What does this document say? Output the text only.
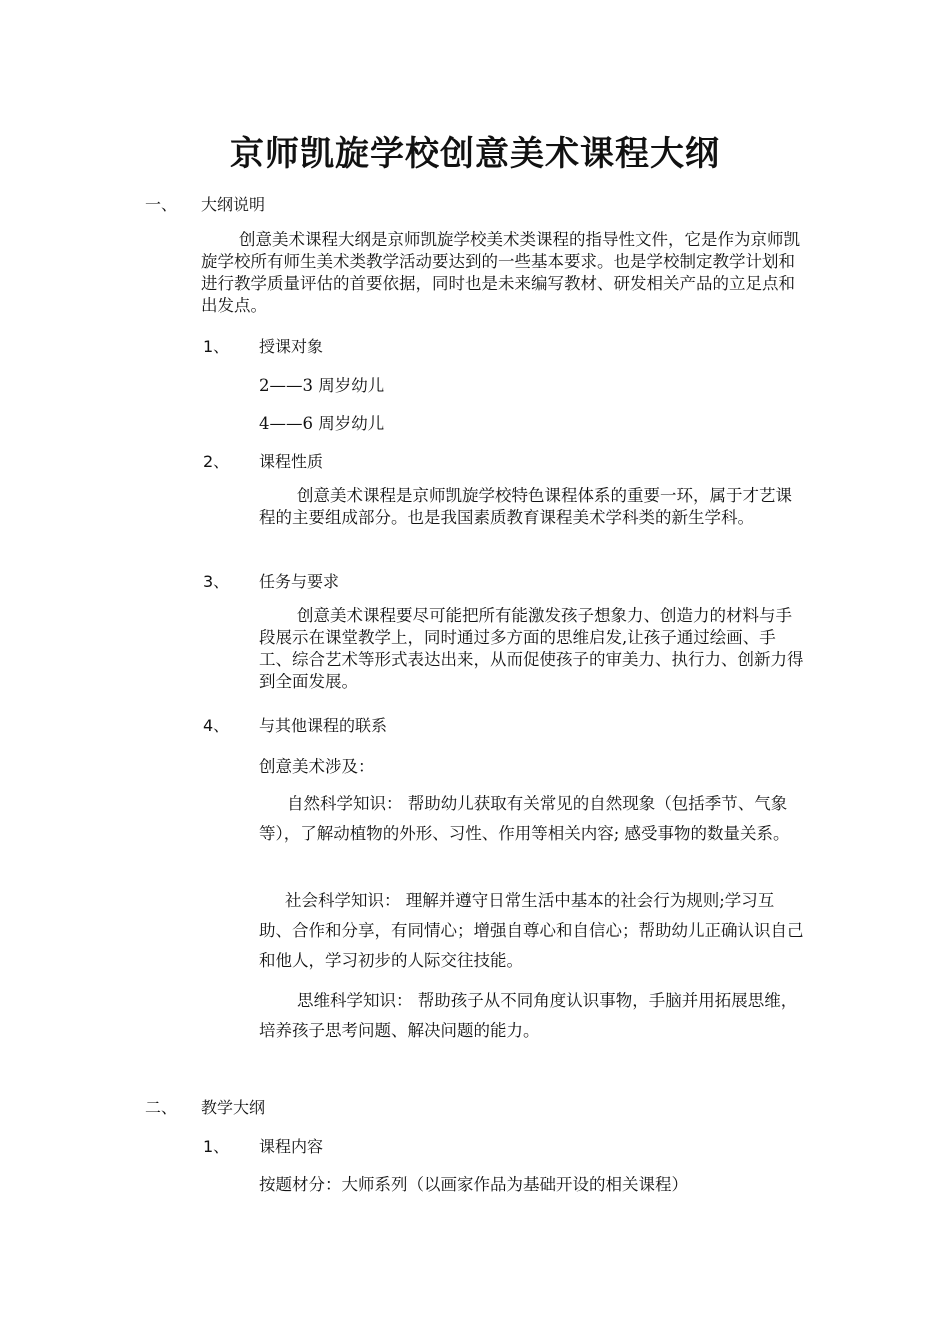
京师凯旋学校创意美术课程大纲
一、 大纲说明
创意美术课程大纲是京师凯旋学校美术类课程的指导性文件，它是作为京师凯旋学校所有师生美术类教学活动要达到的一些基本要求。也是学校制定教学计划和进行教学质量评估的首要依据，同时也是未来编写教材、研发相关产品的立足点和出发点。
1、 授课对象
2——3 周岁幼儿
4——6 周岁幼儿
2、 课程性质
创意美术课程是京师凯旋学校特色课程体系的重要一环，属于才艺课程的主要组成部分。也是我国素质教育课程美术学科类的新生学科。
3、 任务与要求
创意美术课程要尽可能把所有能激发孩子想象力、创造力的材料与手段展示在课堂教学上，同时通过多方面的思维启发,让孩子通过绘画、手工、综合艺术等形式表达出来，从而促使孩子的审美力、执行力、创新力得到全面发展。
4、 与其他课程的联系
创意美术涉及：
自然科学知识： 帮助幼儿获取有关常见的自然现象（包括季节、气象等），了解动植物的外形、习性、作用等相关内容; 感受事物的数量关系。
社会科学知识： 理解并遵守日常生活中基本的社会行为规则;学习互助、合作和分享，有同情心；增强自尊心和自信心；帮助幼儿正确认识自己和他人，学习初步的人际交往技能。
思维科学知识： 帮助孩子从不同角度认识事物，手脑并用拓展思维，培养孩子思考问题、解决问题的能力。
二、 教学大纲
1、 课程内容
按题材分：大师系列（以画家作品为基础开设的相关课程）
